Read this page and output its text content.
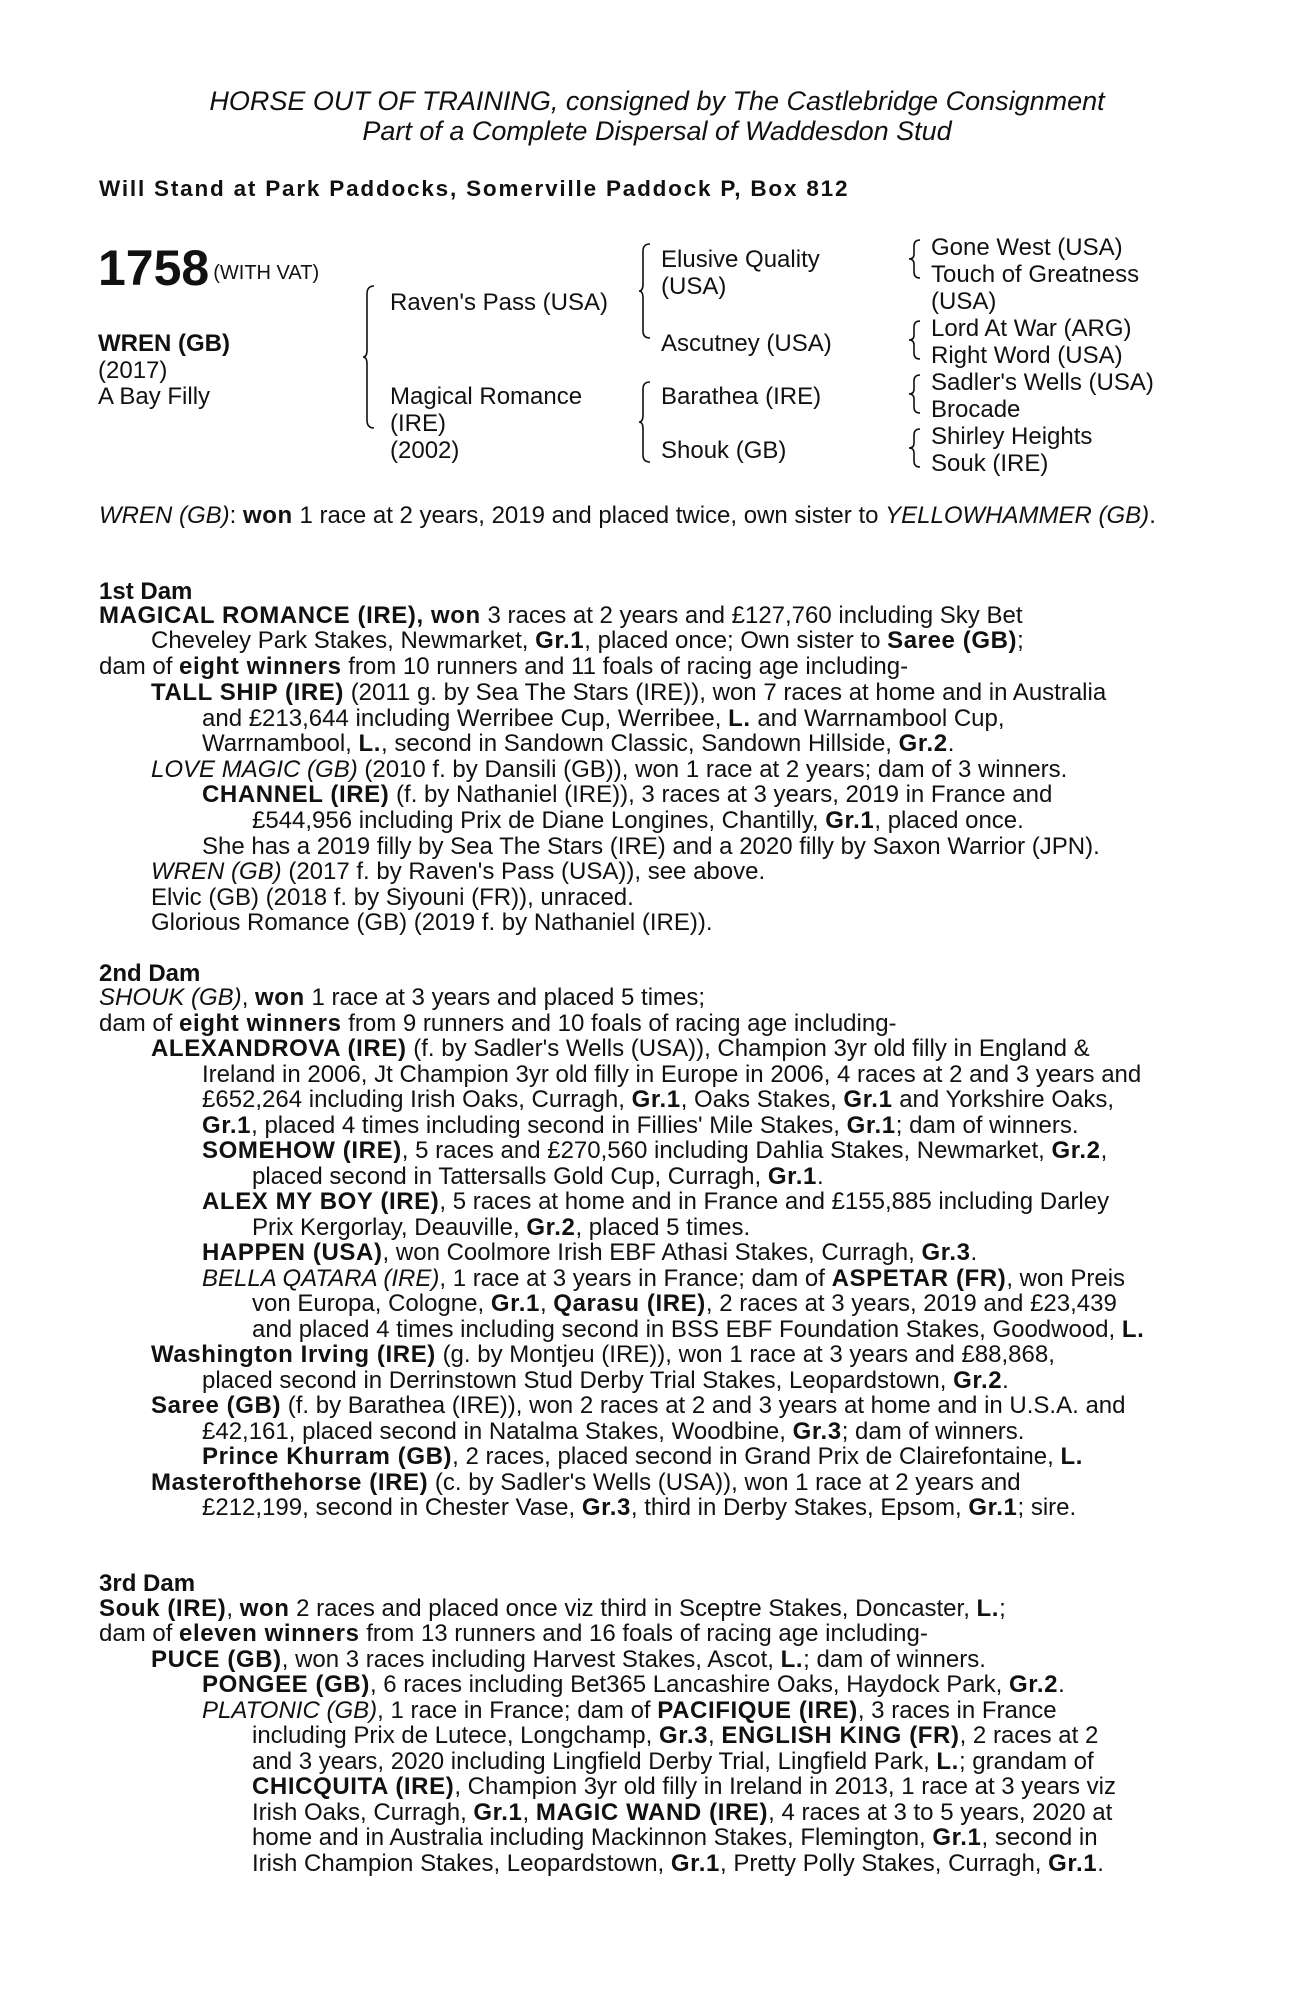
HORSE OUT OF TRAINING, consigned by The Castlebridge Consignment
Part of a Complete Dispersal of Waddesdon Stud
Will Stand at Park Paddocks, Somerville Paddock P, Box 812
1758 (WITH VAT)
WREN (GB)
(2017)
A Bay Filly
Raven's Pass (USA)
Magical Romance
(IRE)
(2002)
Elusive Quality
(USA)
Ascutney (USA)
Barathea (IRE)
Shouk (GB)
Gone West (USA)
Touch of Greatness
(USA)
Lord At War (ARG)
Right Word (USA)
Sadler's Wells (USA)
Brocade
Shirley Heights
Souk (IRE)
WREN (GB): won 1 race at 2 years, 2019 and placed twice, own sister to YELLOWHAMMER (GB).
1st Dam
MAGICAL ROMANCE (IRE), won 3 races at 2 years and £127,760 including Sky Bet
Cheveley Park Stakes, Newmarket, Gr.1, placed once; Own sister to Saree (GB);
dam of eight winners from 10 runners and 11 foals of racing age including-
TALL SHIP (IRE) (2011 g. by Sea The Stars (IRE)), won 7 races at home and in Australia
and £213,644 including Werribee Cup, Werribee, L. and Warrnambool Cup,
Warrnambool, L., second in Sandown Classic, Sandown Hillside, Gr.2.
LOVE MAGIC (GB) (2010 f. by Dansili (GB)), won 1 race at 2 years; dam of 3 winners.
CHANNEL (IRE) (f. by Nathaniel (IRE)), 3 races at 3 years, 2019 in France and
£544,956 including Prix de Diane Longines, Chantilly, Gr.1, placed once.
She has a 2019 filly by Sea The Stars (IRE) and a 2020 filly by Saxon Warrior (JPN).
WREN (GB) (2017 f. by Raven's Pass (USA)), see above.
Elvic (GB) (2018 f. by Siyouni (FR)), unraced.
Glorious Romance (GB) (2019 f. by Nathaniel (IRE)).
2nd Dam
SHOUK (GB), won 1 race at 3 years and placed 5 times;
dam of eight winners from 9 runners and 10 foals of racing age including-
ALEXANDROVA (IRE) (f. by Sadler's Wells (USA)), Champion 3yr old filly in England &
Ireland in 2006, Jt Champion 3yr old filly in Europe in 2006, 4 races at 2 and 3 years and
£652,264 including Irish Oaks, Curragh, Gr.1, Oaks Stakes, Gr.1 and Yorkshire Oaks,
Gr.1, placed 4 times including second in Fillies' Mile Stakes, Gr.1; dam of winners.
SOMEHOW (IRE), 5 races and £270,560 including Dahlia Stakes, Newmarket, Gr.2,
placed second in Tattersalls Gold Cup, Curragh, Gr.1.
ALEX MY BOY (IRE), 5 races at home and in France and £155,885 including Darley
Prix Kergorlay, Deauville, Gr.2, placed 5 times.
HAPPEN (USA), won Coolmore Irish EBF Athasi Stakes, Curragh, Gr.3.
BELLA QATARA (IRE), 1 race at 3 years in France; dam of ASPETAR (FR), won Preis
von Europa, Cologne, Gr.1, Qarasu (IRE), 2 races at 3 years, 2019 and £23,439
and placed 4 times including second in BSS EBF Foundation Stakes, Goodwood, L.
Washington Irving (IRE) (g. by Montjeu (IRE)), won 1 race at 3 years and £88,868,
placed second in Derrinstown Stud Derby Trial Stakes, Leopardstown, Gr.2.
Saree (GB) (f. by Barathea (IRE)), won 2 races at 2 and 3 years at home and in U.S.A. and
£42,161, placed second in Natalma Stakes, Woodbine, Gr.3; dam of winners.
Prince Khurram (GB), 2 races, placed second in Grand Prix de Clairefontaine, L.
Masterofthehorse (IRE) (c. by Sadler's Wells (USA)), won 1 race at 2 years and
£212,199, second in Chester Vase, Gr.3, third in Derby Stakes, Epsom, Gr.1; sire.
3rd Dam
Souk (IRE), won 2 races and placed once viz third in Sceptre Stakes, Doncaster, L.;
dam of eleven winners from 13 runners and 16 foals of racing age including-
PUCE (GB), won 3 races including Harvest Stakes, Ascot, L.; dam of winners.
PONGEE (GB), 6 races including Bet365 Lancashire Oaks, Haydock Park, Gr.2.
PLATONIC (GB), 1 race in France; dam of PACIFIQUE (IRE), 3 races in France
including Prix de Lutece, Longchamp, Gr.3, ENGLISH KING (FR), 2 races at 2
and 3 years, 2020 including Lingfield Derby Trial, Lingfield Park, L.; grandam of
CHICQUITA (IRE), Champion 3yr old filly in Ireland in 2013, 1 race at 3 years viz
Irish Oaks, Curragh, Gr.1, MAGIC WAND (IRE), 4 races at 3 to 5 years, 2020 at
home and in Australia including Mackinnon Stakes, Flemington, Gr.1, second in
Irish Champion Stakes, Leopardstown, Gr.1, Pretty Polly Stakes, Curragh, Gr.1.
